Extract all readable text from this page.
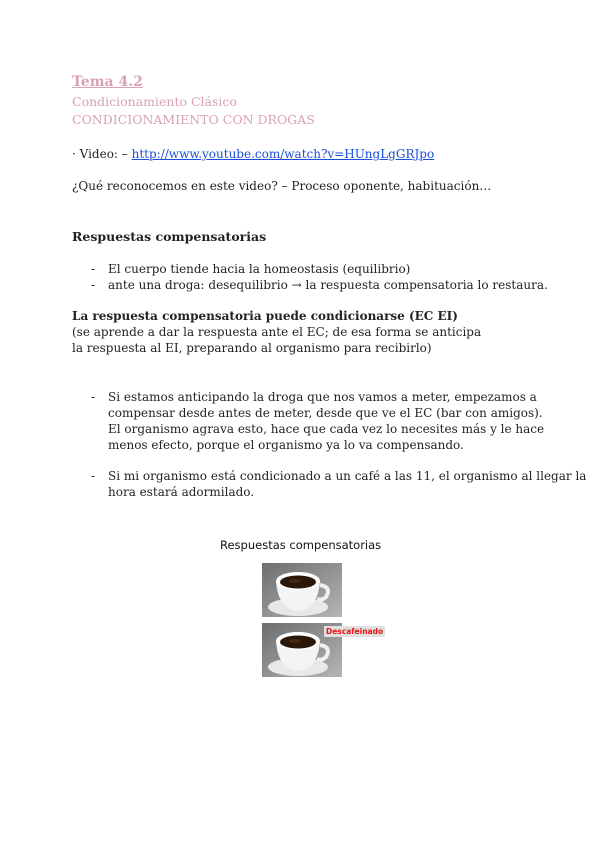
Tema 4.2
Condicionamiento Clásico
CONDICIONAMIENTO CON DROGAS
· Video: – http://www.youtube.com/watch?v=HUngLgGRJpo
¿Qué reconocemos en este video? – Proceso oponente, habituación…
Respuestas compensatorias
- El cuerpo tiende hacia la homeostasis (equilibrio)
- ante una droga: desequilibrio → la respuesta compensatoria lo restaura.
La respuesta compensatoria puede condicionarse (EC EI)
(se aprende a dar la respuesta ante el EC; de esa forma se anticipa
la respuesta al EI, preparando al organismo para recibirlo)
- Si estamos anticipando la droga que nos vamos a meter, empezamos a
compensar desde antes de meter, desde que ve el EC (bar con amigos).
El organismo agrava esto, hace que cada vez lo necesites más y le hace
menos efecto, porque el organismo ya lo va compensando.
- Si mi organismo está condicionado a un café a las 11, el organismo al llegar la
hora estará adormilado.
Respuestas compensatorias
Descafeinado
